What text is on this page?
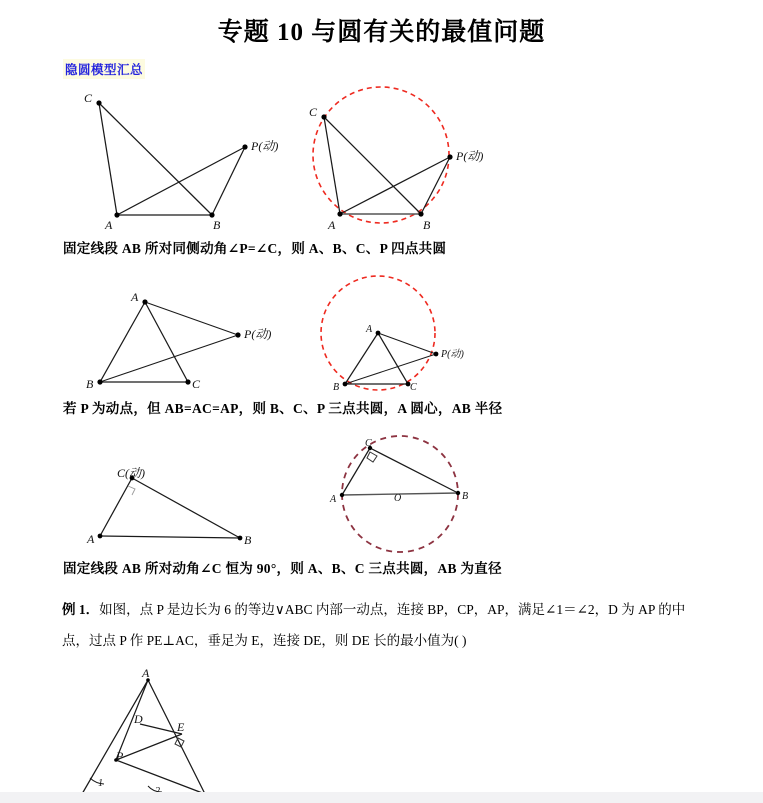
专题 10 与圆有关的最值问题
隐圆模型汇总
C
A	B
P(动)
C
A	B
P(动)
固定线段 AB 所对同侧动角∠P=∠C，则 A、B、C、P 四点共圆
A
B	C
P(动)	A
B	C
P(动)
若 P 为动点，但 AB=AC=AP，则 B、C、P 三点共圆，A 圆心，AB 半径
C(动)
A	B
C
A	B
O
固定线段 AB 所对动角∠C 恒为 90°，则 A、B、C 三点共圆，AB 为直径
例 1．如图，点 P 是边长为 6 的等边∨ABC 内部一动点，连接 BP，CP，AP，满足∠1＝∠2，D 为 AP 的中
点，过点 P 作 PE⊥AC，垂足为 E，连接 DE，则 DE 长的最小值为( )
A
D
E
P
1
